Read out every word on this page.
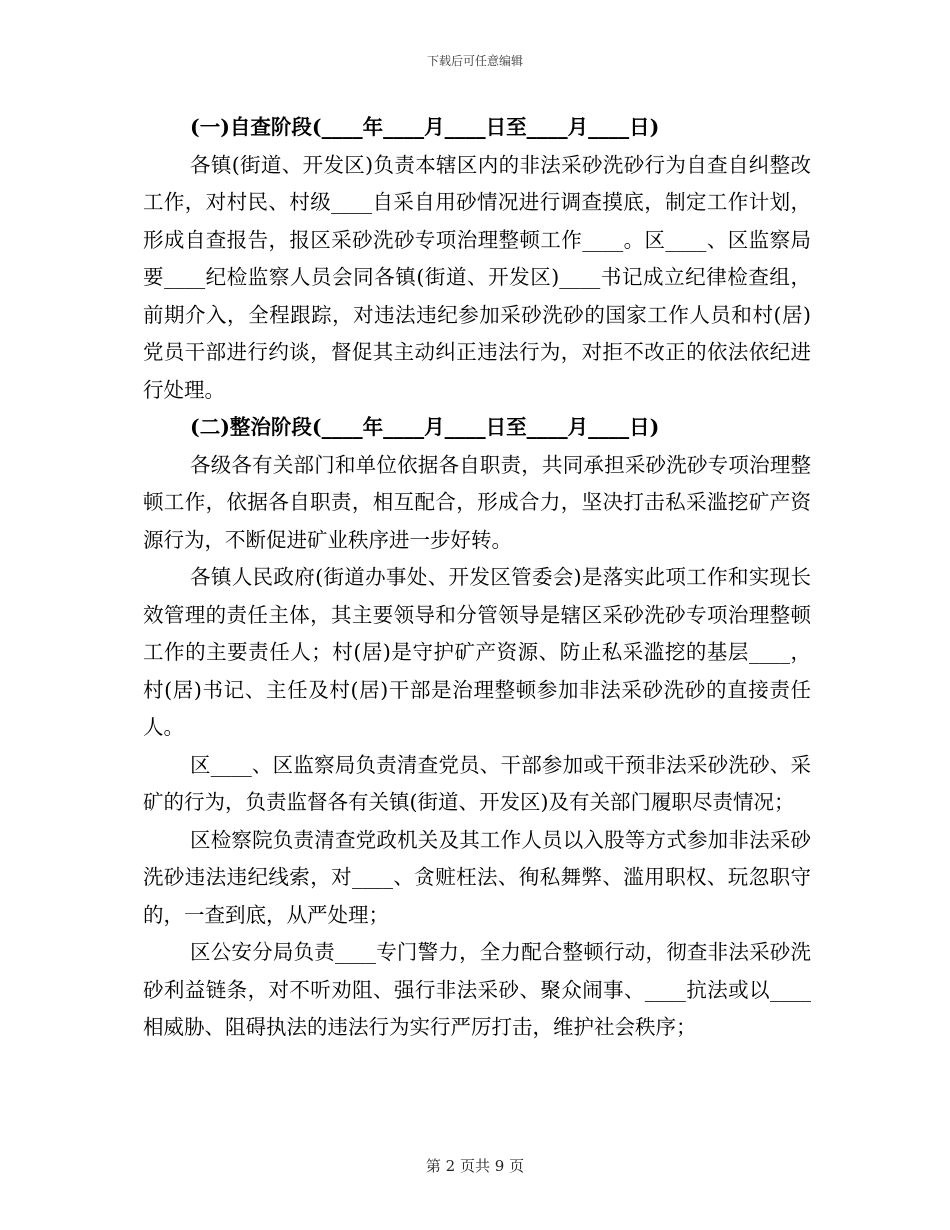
下载后可任意编辑

(一)自查阶段(____年____月____日至____月____日)

各镇(街道、开发区)负责本辖区内的非法采砂洗砂行为自查自纠整改工作，对村民、村级____自采自用砂情况进行调查摸底，制定工作计划，形成自查报告，报区采砂洗砂专项治理整顿工作____。区____、区监察局要____纪检监察人员会同各镇(街道、开发区)____书记成立纪律检查组，前期介入，全程跟踪，对违法违纪参加采砂洗砂的国家工作人员和村(居)党员干部进行约谈，督促其主动纠正违法行为，对拒不改正的依法依纪进行处理。

(二)整治阶段(____年____月____日至____月____日)

各级各有关部门和单位依据各自职责，共同承担采砂洗砂专项治理整顿工作，依据各自职责，相互配合，形成合力，坚决打击私采滥挖矿产资源行为，不断促进矿业秩序进一步好转。

各镇人民政府(街道办事处、开发区管委会)是落实此项工作和实现长效管理的责任主体，其主要领导和分管领导是辖区采砂洗砂专项治理整顿工作的主要责任人；村(居)是守护矿产资源、防止私采滥挖的基层____，村(居)书记、主任及村(居)干部是治理整顿参加非法采砂洗砂的直接责任人。

区____、区监察局负责清查党员、干部参加或干预非法采砂洗砂、采矿的行为，负责监督各有关镇(街道、开发区)及有关部门履职尽责情况；

区检察院负责清查党政机关及其工作人员以入股等方式参加非法采砂洗砂违法违纪线索，对____、贪赃枉法、徇私舞弊、滥用职权、玩忽职守的，一查到底，从严处理；

区公安分局负责____专门警力，全力配合整顿行动，彻查非法采砂洗砂利益链条，对不听劝阻、强行非法采砂、聚众闹事、____抗法或以____相威胁、阻碍执法的违法行为实行严厉打击，维护社会秩序；

第 2 页共 9 页
